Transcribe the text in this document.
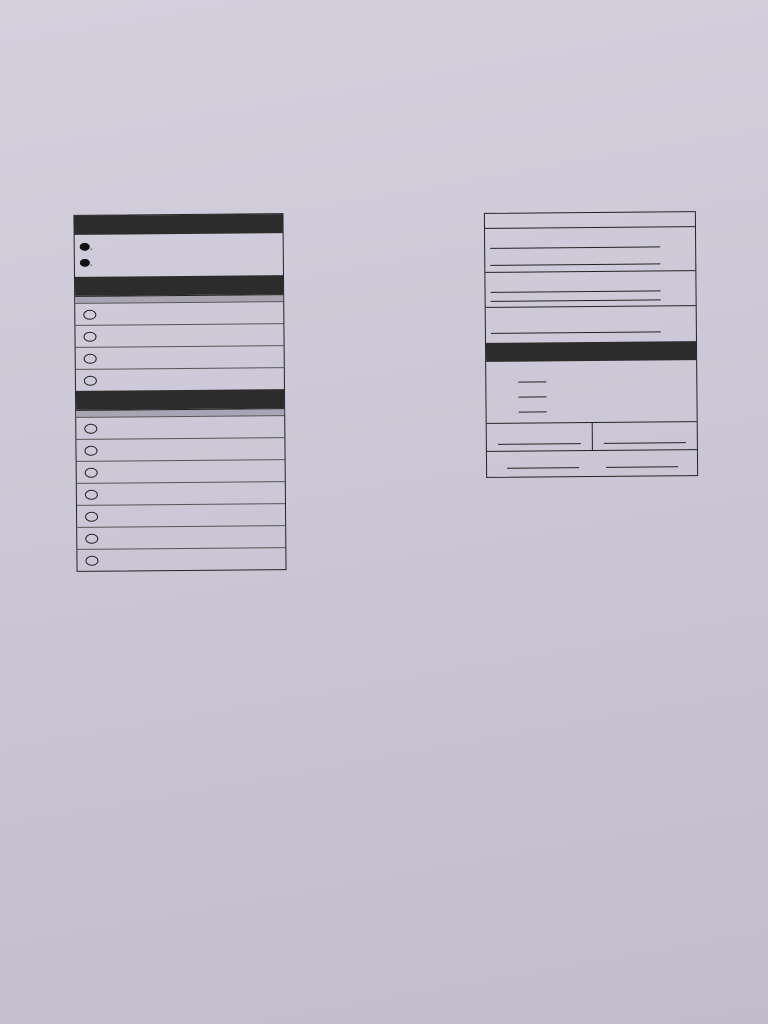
.

.
